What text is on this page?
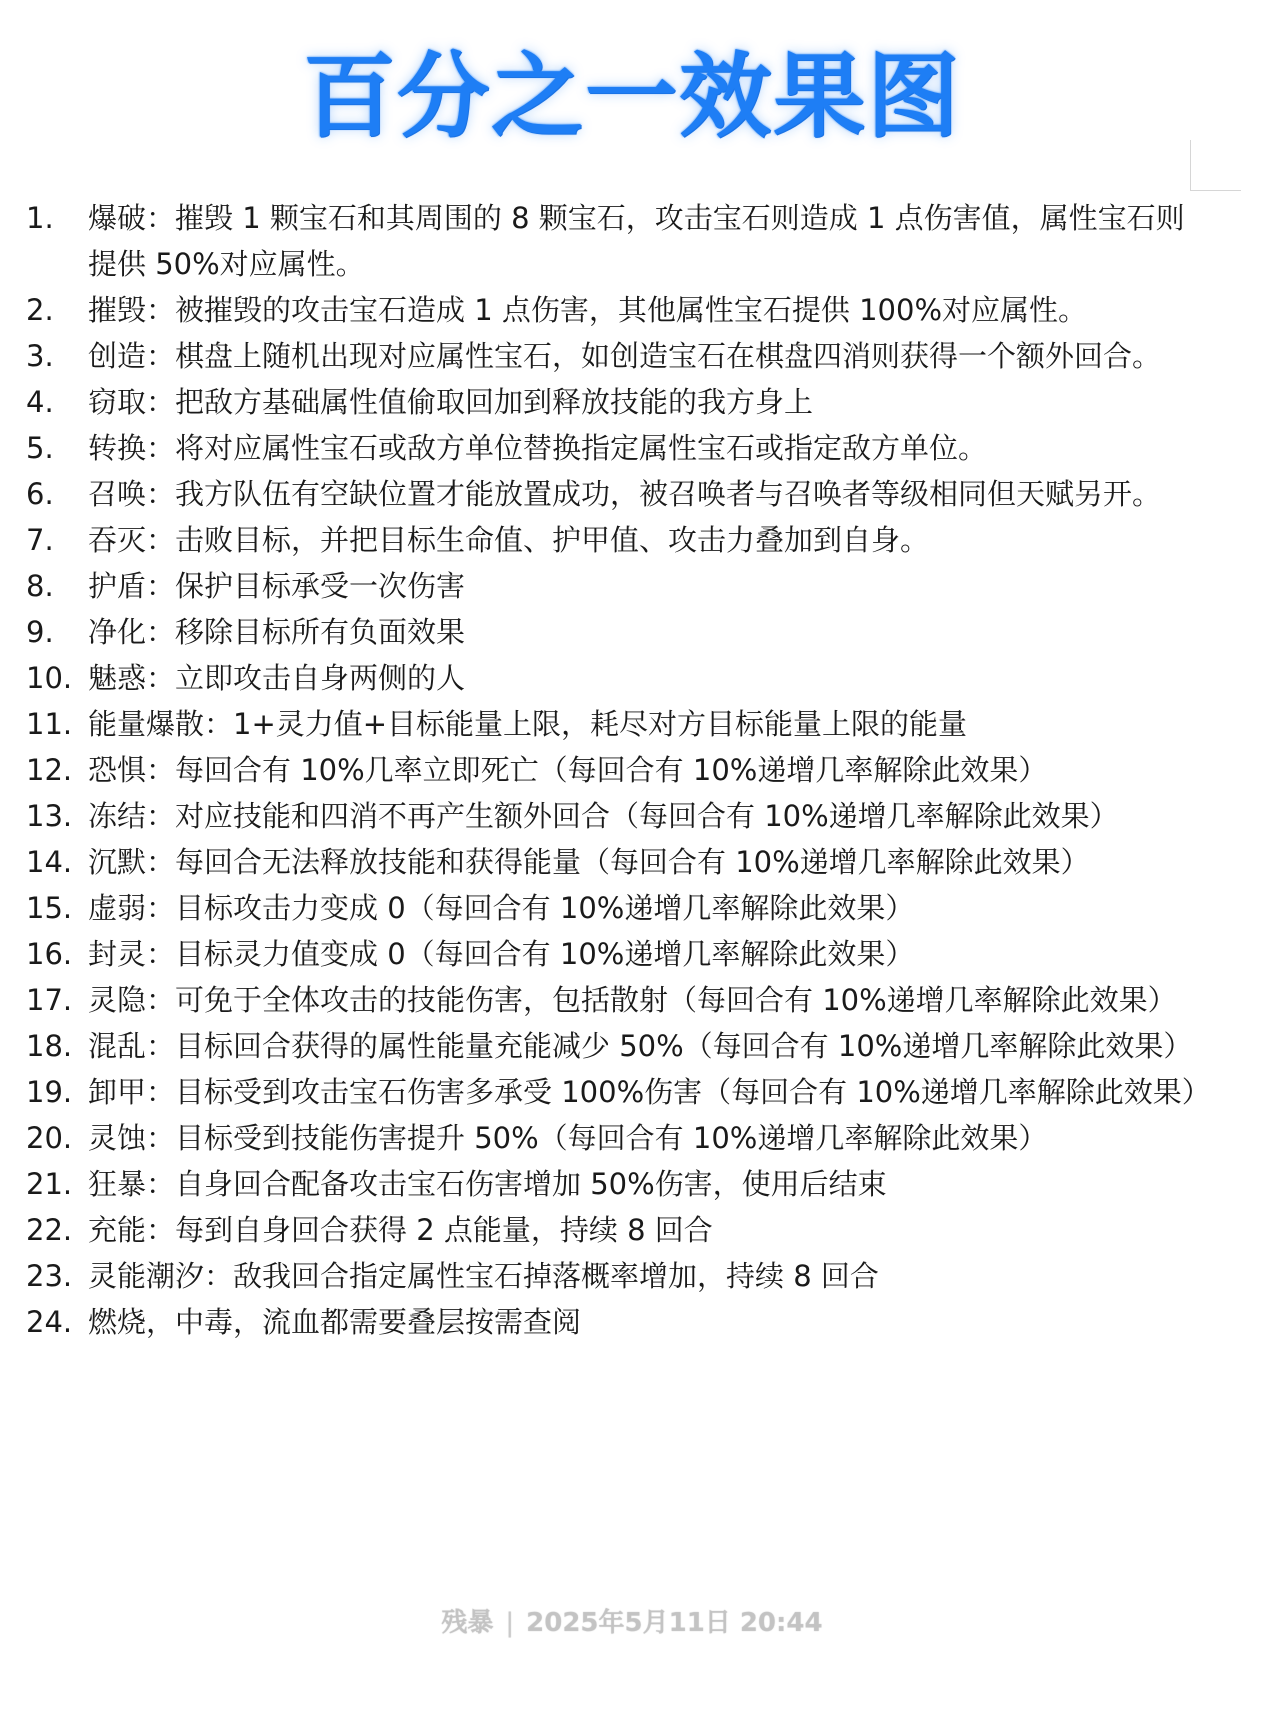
百分之一效果图
1.	爆破：摧毁 1 颗宝石和其周围的 8 颗宝石，攻击宝石则造成 1 点伤害值，属性宝石则提供 50%对应属性。
2.	摧毁：被摧毁的攻击宝石造成 1 点伤害，其他属性宝石提供 100%对应属性。
3.	创造：棋盘上随机出现对应属性宝石，如创造宝石在棋盘四消则获得一个额外回合。
4.	窃取：把敌方基础属性值偷取回加到释放技能的我方身上
5.	转换：将对应属性宝石或敌方单位替换指定属性宝石或指定敌方单位。
6.	召唤：我方队伍有空缺位置才能放置成功，被召唤者与召唤者等级相同但天赋另开。
7.	吞灭：击败目标，并把目标生命值、护甲值、攻击力叠加到自身。
8.	护盾：保护目标承受一次伤害
9.	净化：移除目标所有负面效果
10. 魅惑：立即攻击自身两侧的人
11. 能量爆散：1+灵力值+目标能量上限，耗尽对方目标能量上限的能量
12. 恐惧：每回合有 10%几率立即死亡（每回合有 10%递增几率解除此效果）
13. 冻结：对应技能和四消不再产生额外回合（每回合有 10%递增几率解除此效果）
14. 沉默：每回合无法释放技能和获得能量（每回合有 10%递增几率解除此效果）
15. 虚弱：目标攻击力变成 0（每回合有 10%递增几率解除此效果）
16. 封灵：目标灵力值变成 0（每回合有 10%递增几率解除此效果）
17. 灵隐：可免于全体攻击的技能伤害，包括散射（每回合有 10%递增几率解除此效果）
18. 混乱：目标回合获得的属性能量充能减少 50%（每回合有 10%递增几率解除此效果）
19. 卸甲：目标受到攻击宝石伤害多承受 100%伤害（每回合有 10%递增几率解除此效果）
20. 灵蚀：目标受到技能伤害提升 50%（每回合有 10%递增几率解除此效果）
21. 狂暴：自身回合配备攻击宝石伤害增加 50%伤害，使用后结束
22. 充能：每到自身回合获得 2 点能量，持续 8 回合
23. 灵能潮汐：敌我回合指定属性宝石掉落概率增加，持续 8 回合
24. 燃烧，中毒，流血都需要叠层按需查阅
残暴 | 2025年5月11日 20:44
